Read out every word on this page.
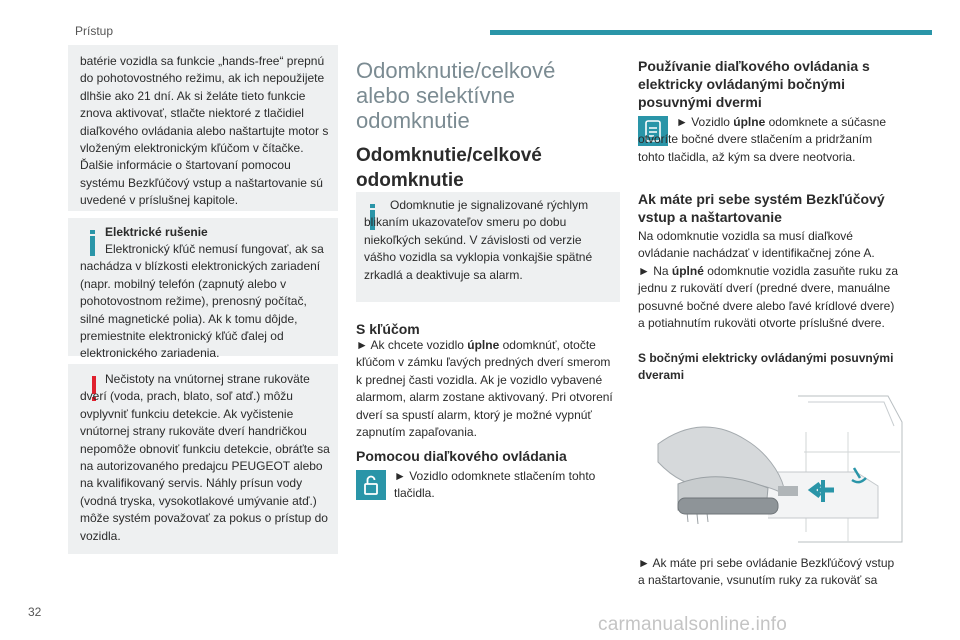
Prístup

batérie vozidla sa funkcie „hands-free“ prepnú do pohotovostného režimu, ak ich nepoužijete dlhšie ako 21 dní. Ak si želáte tieto funkcie znova aktivovať, stlačte niektoré z tlačidiel diaľkového ovládania alebo naštartujte motor s vloženým elektronickým kľúčom v čítačke. Ďalšie informácie o štartovaní pomocou systému Bezkľúčový vstup a naštartovanie sú uvedené v príslušnej kapitole.

Elektrické rušenie

Elektronický kľúč nemusí fungovať, ak sa nachádza v blízkosti elektronických zariadení (napr. mobilný telefón (zapnutý alebo v pohotovostnom režime), prenosný počítač, silné magnetické polia). Ak k tomu dôjde, premiestnite elektronický kľúč ďalej od elektronického zariadenia.

Nečistoty na vnútornej strane rukoväte dverí (voda, prach, blato, soľ atď.) môžu ovplyvniť funkciu detekcie. Ak vyčistenie vnútornej strany rukoväte dverí handričkou nepomôže obnoviť funkciu detekcie, obráťte sa na autorizovaného predajcu PEUGEOT alebo na kvalifikovaný servis. Náhly prísun vody (vodná tryska, vysokotlakové umývanie atď.) môže systém považovať za pokus o prístup do vozidla.

Odomknutie/celkové alebo selektívne odomknutie
Odomknutie/celkové odomknutie

Odomknutie je signalizované rýchlym blikaním ukazovateľov smeru po dobu niekoľkých sekúnd. V závislosti od verzie vášho vozidla sa vyklopia vonkajšie spätné zrkadlá a deaktivuje sa alarm.

S kľúčom

► Ak chcete vozidlo úplne odomknúť, otočte kľúčom v zámku ľavých predných dverí smerom k prednej časti vozidla. Ak je vozidlo vybavené alarmom, alarm zostane aktivovaný. Pri otvorení dverí sa spustí alarm, ktorý je možné vypnúť zapnutím zapaľovania.

Pomocou diaľkového ovládania

► Vozidlo odomknete stlačením tohto tlačidla.

Používanie diaľkového ovládania s elektricky ovládanými bočnými posuvnými dvermi

► Vozidlo úplne odomknete a súčasne otvoríte bočné dvere stlačením a pridržaním tohto tlačidla, až kým sa dvere neotvoria.

Ak máte pri sebe systém Bezkľúčový vstup a naštartovanie

Na odomknutie vozidla sa musí diaľkové ovládanie nachádzať v identifikačnej zóne A.

► Na úplné odomknutie vozidla zasuňte ruku za jednu z rukovätí dverí (predné dvere, manuálne posuvné bočné dvere alebo ľavé krídlové dvere) a potiahnutím rukoväti otvorte príslušné dvere.

S bočnými elektricky ovládanými posuvnými dverami

► Ak máte pri sebe ovládanie Bezkľúčový vstup a naštartovanie, vsunutím ruky za rukoväť sa

32
carmanualsonline.info
